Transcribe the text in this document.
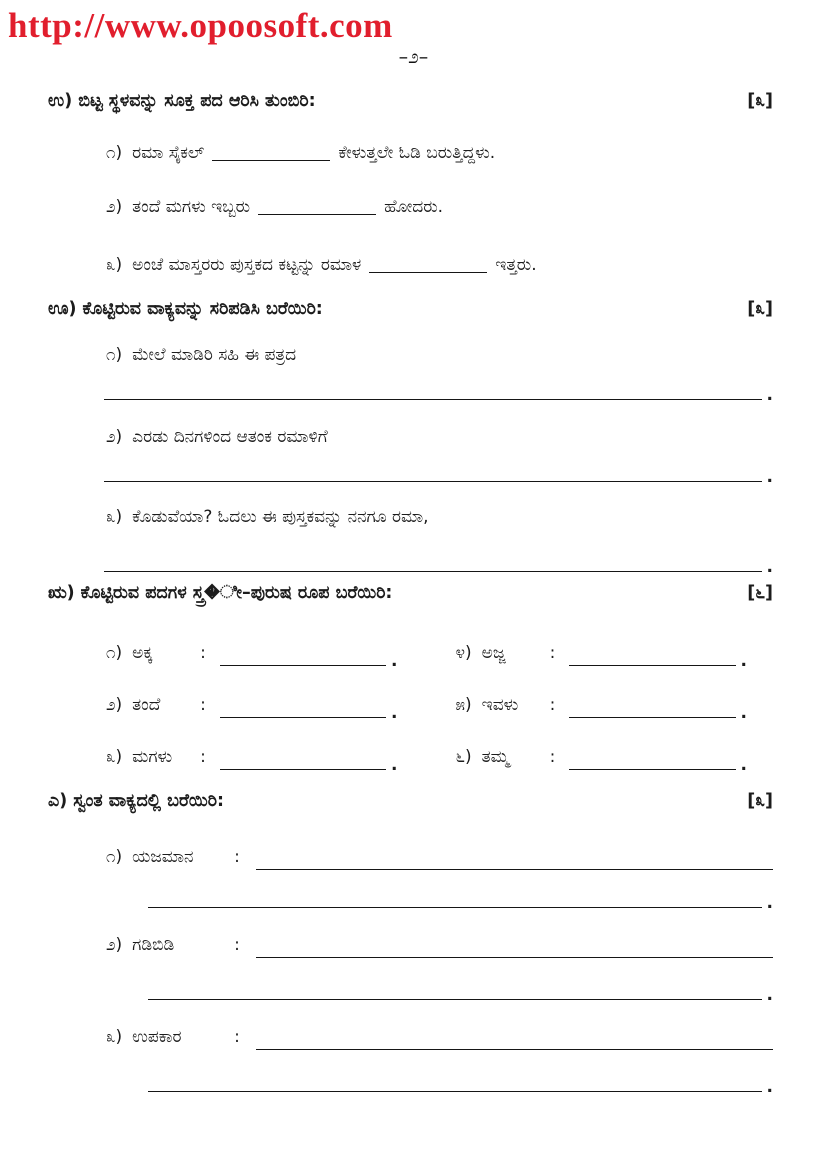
http://www.opoosoft.com
–೨–
ಉ) ಬಿಟ್ಟ ಸ್ಥಳವನ್ನು ಸೂಕ್ತ ಪದ ಆರಿಸಿ ತುಂಬಿರಿ:	[೩]
೧) ರಮಾ ಸೈಕಲ್	ಕೇಳುತ್ತಲೇ ಓಡಿ ಬರುತ್ತಿದ್ದಳು.
೨) ತಂದೆ ಮಗಳು ಇಬ್ಬರು	ಹೋದರು.
೩) ಅಂಚೆ ಮಾಸ್ತರರು ಪುಸ್ತಕದ ಕಟ್ಟನ್ನು ರಮಾಳ	ಇತ್ತರು.
ಊ) ಕೊಟ್ಟಿರುವ ವಾಕ್ಯವನ್ನು ಸರಿಪಡಿಸಿ ಬರೆಯಿರಿ:	[೩]
೧) ಮೇಲೆ ಮಾಡಿರಿ ಸಹಿ ಈ ಪತ್ರದ
.
೨) ಎರಡು ದಿನಗಳಿಂದ ಆತಂಕ ರಮಾಳಿಗೆ
.
೩) ಕೊಡುವೆಯಾ? ಓದಲು ಈ ಪುಸ್ತಕವನ್ನು ನನಗೂ ರಮಾ,
.
ಋ) ಕೊಟ್ಟಿರುವ ಪದಗಳ ಸ್ತ್ರ�ೀ–ಪುರುಷ ರೂಪ ಬರೆಯಿರಿ:	[೬]
೧) ಅಕ್ಕ	:	.	೪) ಅಜ್ಜ	:	.
೨) ತಂದೆ	:	.	೫) ಇವಳು	:	.
೩) ಮಗಳು	:	.	೬) ತಮ್ಮ	:	.
ಎ) ಸ್ವಂತ ವಾಕ್ಯದಲ್ಲಿ ಬರೆಯಿರಿ:	[೩]
೧) ಯಜಮಾನ	:
.
೨) ಗಡಿಬಿಡಿ	:
.
೩) ಉಪಕಾರ	:
.
